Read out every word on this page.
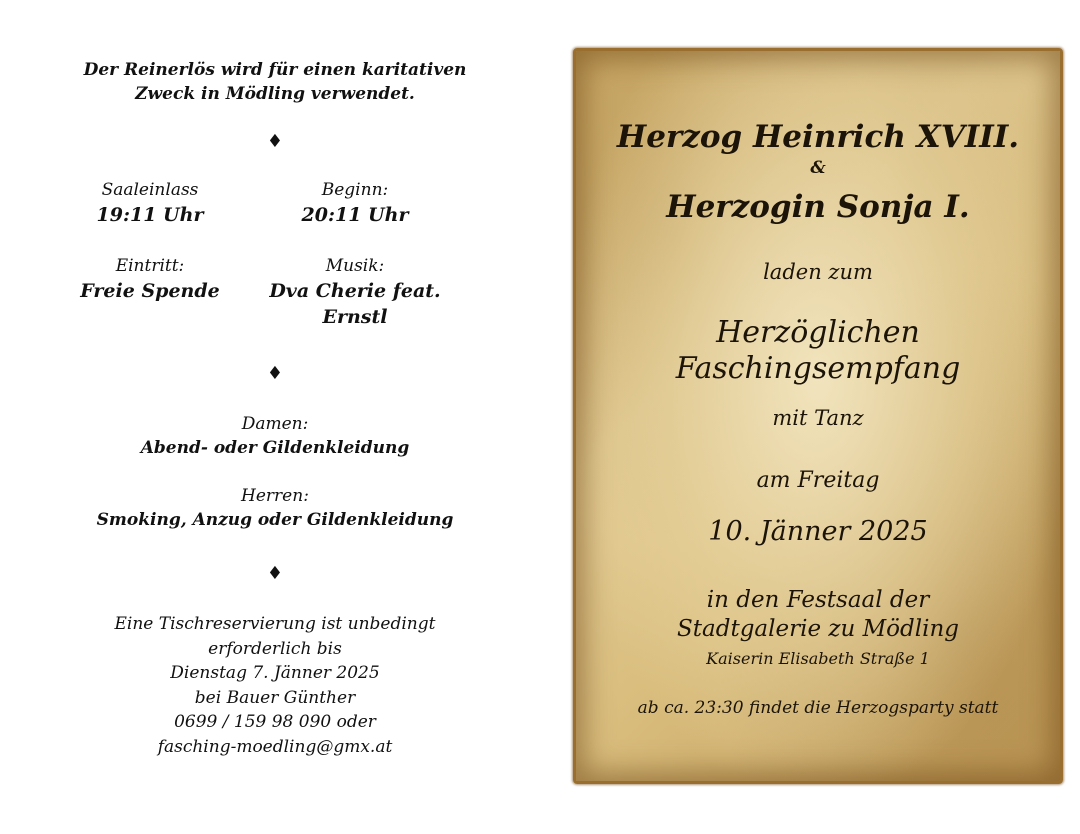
Der Reinerlös wird für einen karitativen
Zweck in Mödling verwendet.
♦
Saaleinlass
19:11 Uhr
Beginn:
20:11 Uhr
Eintritt:
Freie Spende
Musik:
Dva Cherie feat.
Ernstl
♦
Damen:
Abend- oder Gildenkleidung
Herren:
Smoking, Anzug oder Gildenkleidung
♦
Eine Tischreservierung ist unbedingt
erforderlich bis
Dienstag 7. Jänner 2025
bei Bauer Günther
0699 / 159 98 090 oder
fasching-moedling@gmx.at
Herzog Heinrich XVIII.
&
Herzogin Sonja I.
laden zum
Herzöglichen
Faschingsempfang
mit Tanz
am Freitag
10. Jänner 2025
in den Festsaal der
Stadtgalerie zu Mödling
Kaiserin Elisabeth Straße 1
ab ca. 23:30 findet die Herzogsparty statt
